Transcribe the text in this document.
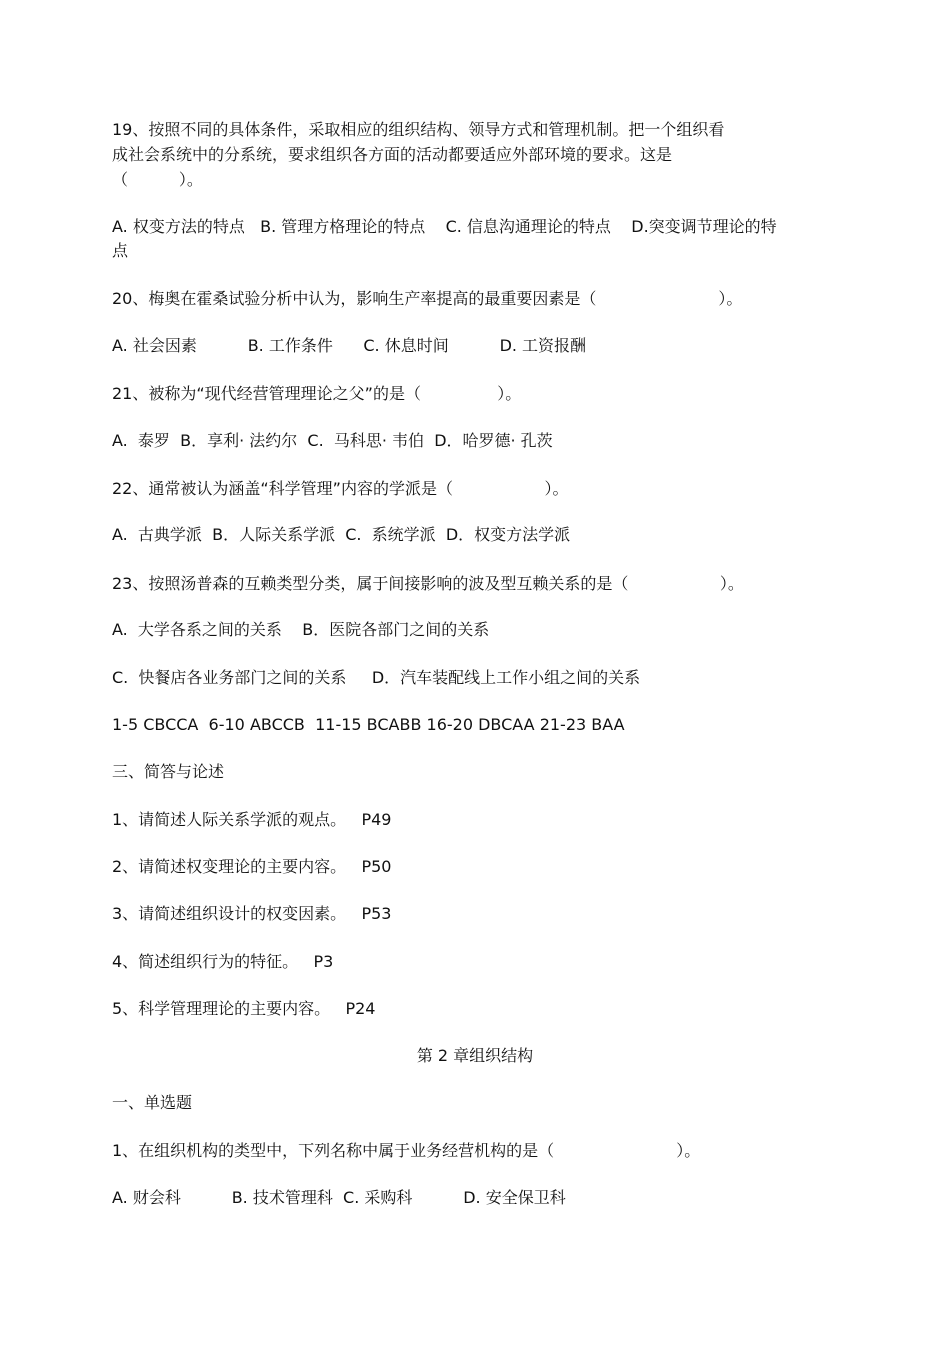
19、按照不同的具体条件，采取相应的组织结构、领导方式和管理机制。把一个组织看
成社会系统中的分系统，要求组织各方面的活动都要适应外部环境的要求。这是
（          ）。
A. 权变方法的特点   B. 管理方格理论的特点    C. 信息沟通理论的特点    D.突变调节理论的特
点
20、梅奥在霍桑试验分析中认为，影响生产率提高的最重要因素是（                        ）。
A. 社会因素          B. 工作条件      C. 休息时间          D. 工资报酬
21、被称为“现代经营管理理论之父”的是（               ）。
A.  泰罗  B．享利· 法约尔  C.  马科思· 韦伯  D．哈罗德· 孔茨
22、通常被认为涵盖“科学管理”内容的学派是（                  ）。
A.  古典学派  B．人际关系学派  C.  系统学派  D．权变方法学派
23、按照汤普森的互赖类型分类，属于间接影响的波及型互赖关系的是（                  ）。
A.  大学各系之间的关系    B．医院各部门之间的关系
C.  快餐店各业务部门之间的关系     D．汽车装配线上工作小组之间的关系
1-5 CBCCA  6-10 ABCCB  11-15 BCABB 16-20 DBCAA 21-23 BAA
三、简答与论述
1、请简述人际关系学派的观点。   P49
2、请简述权变理论的主要内容。   P50
3、请简述组织设计的权变因素。   P53
4、简述组织行为的特征。   P3
5、科学管理理论的主要内容。   P24
第 2 章组织结构
一、单选题
1、在组织机构的类型中，下列名称中属于业务经营机构的是（                        ）。
A. 财会科          B. 技术管理科  C. 采购科          D. 安全保卫科
